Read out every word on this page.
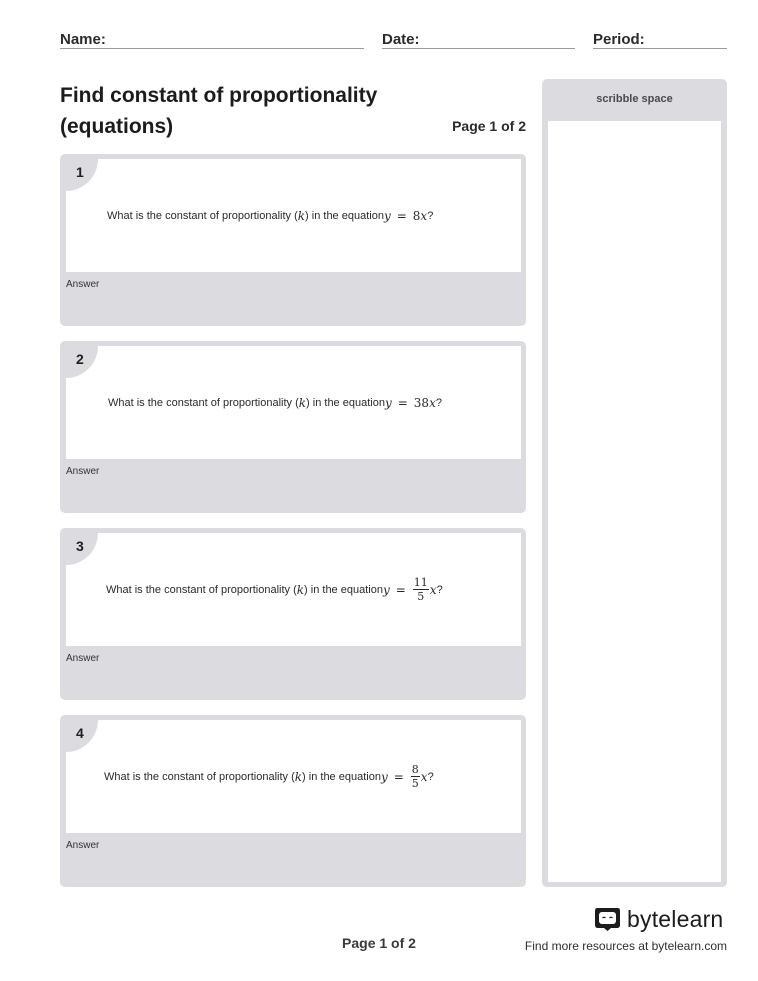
Name:	Date:	Period:
Find constant of proportionality
(equations)	Page 1 of 2
1
What is the constant of proportionality ( k ) in the equation y = 8 x ?
Answer
2
What is the constant of proportionality ( k ) in the equation y = 38 x ?
Answer
3
What is the constant of proportionality ( k ) in the equation $y = \frac{11}{5}$ x ?
Answer
4
What is the constant of proportionality ( k ) in the equation $y = \frac{8}{5}$ x ?
Answer
scribble space
bytelearn
Page 1 of 2	Find more resources at bytelearn.com
